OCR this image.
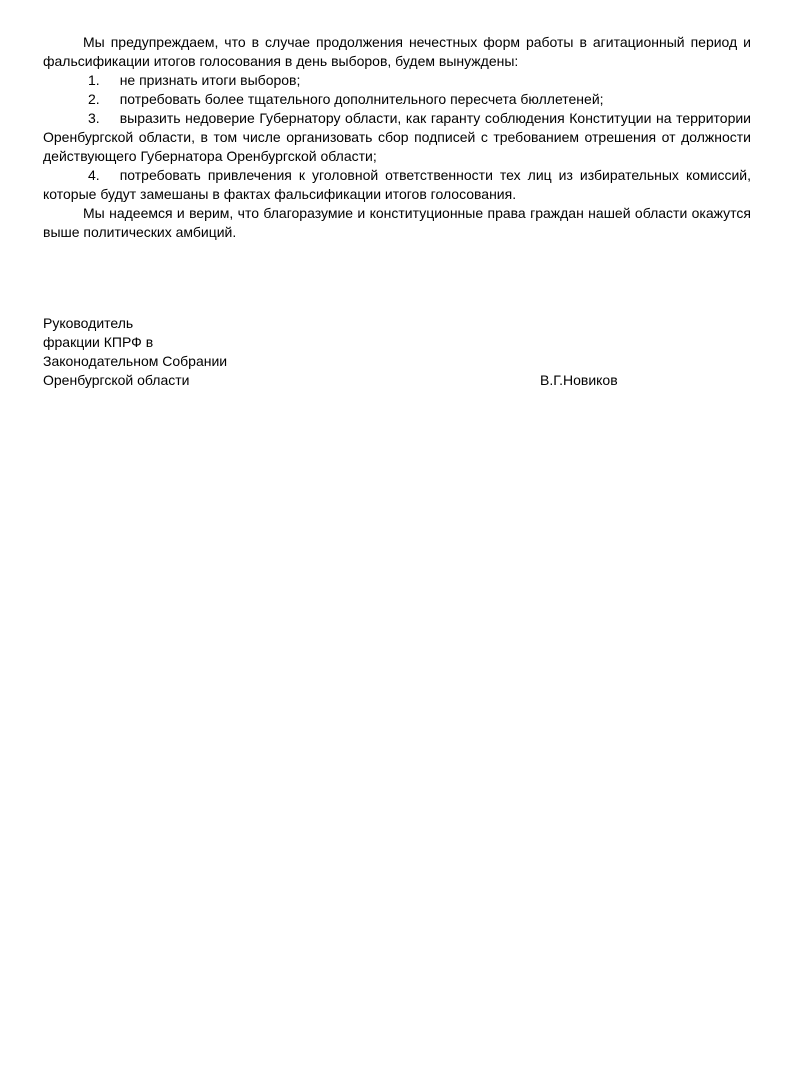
Мы предупреждаем, что в случае продолжения нечестных форм работы в агитационный период и фальсификации итогов голосования в день выборов, будем вынуждены:

1. не признать итоги выборов;
2. потребовать более тщательного дополнительного пересчета бюллетеней;
3. выразить недоверие Губернатору области, как гаранту соблюдения Конституции на территории Оренбургской области, в том числе организовать сбор подписей с требованием отрешения от должности действующего Губернатора Оренбургской области;
4. потребовать привлечения к уголовной ответственности тех лиц из избирательных комиссий, которые будут замешаны в фактах фальсификации итогов голосования.

Мы надеемся и верим, что благоразумие и конституционные права граждан нашей области окажутся выше политических амбиций.

Руководитель

фракции КПРФ в

Законодательном Собрании

Оренбургской области	В.Г.Новиков
